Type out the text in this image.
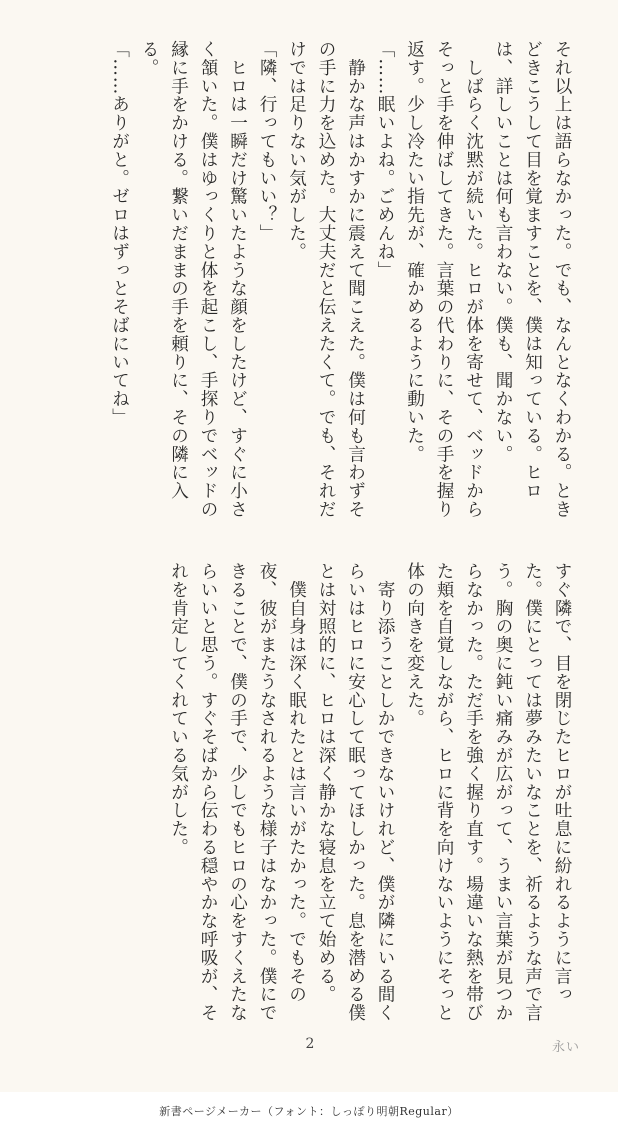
それ以上は語らなかった。でも、なんとなくわかる。ときどきこうして目を覚ますことを、僕は知っている。ヒロは、詳しいことは何も言わない。僕も、聞かない。

　しばらく沈黙が続いた。ヒロが体を寄せて、ベッドからそっと手を伸ばしてきた。言葉の代わりに、その手を握り返す。少し冷たい指先が、確かめるように動いた。

「……眠いよね。ごめんね」

　静かな声はかすかに震えて聞こえた。僕は何も言わずその手に力を込めた。大丈夫だと伝えたくて。でも、それだけでは足りない気がした。

「隣、行ってもいい？」

　ヒロは一瞬だけ驚いたような顔をしたけど、すぐに小さく頷いた。僕はゆっくりと体を起こし、手探りでベッドの縁に手をかける。繋いだままの手を頼りに、その隣に入る。

「……ありがと。ゼロはずっとそばにいてね」

すぐ隣で、目を閉じたヒロが吐息に紛れるように言った。僕にとっては夢みたいなことを、祈るような声で言う。胸の奥に鈍い痛みが広がって、うまい言葉が見つからなかった。ただ手を強く握り直す。場違いな熱を帯びた頬を自覚しながら、ヒロに背を向けないようにそっと体の向きを変えた。

　寄り添うことしかできないけれど、僕が隣にいる間くらいはヒロに安心して眠ってほしかった。息を潜める僕とは対照的に、ヒロは深く静かな寝息を立て始める。

　僕自身は深く眠れたとは言いがたかった。でもその夜、彼がまたうなされるような様子はなかった。僕にできることで、僕の手で、少しでもヒロの心をすくえたならいいと思う。すぐそばから伝わる穏やかな呼吸が、それを肯定してくれている気がした。

2	永い
新書ページメーカー（フォント：しっぽり明朝Regular）
